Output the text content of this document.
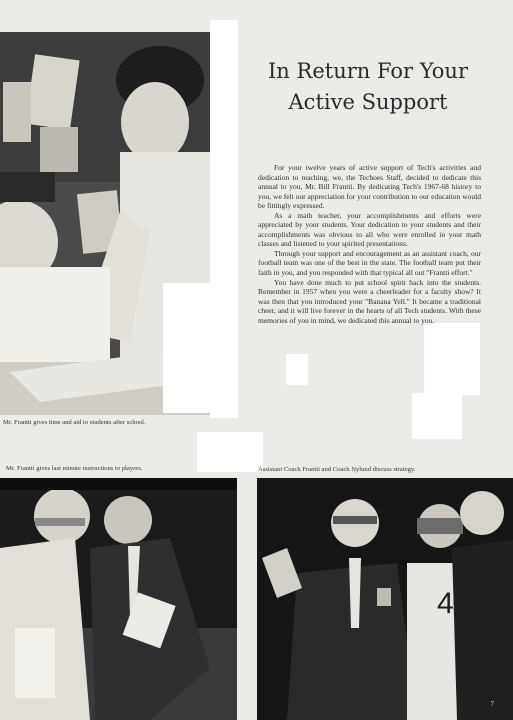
In Return For Your
Active Support

For your twelve years of active support of Tech's activities and dedication to teaching, we, the Techoes Staff, decided to dedicate this annual to you, Mr. Bill Frantti. By dedicating Tech's 1967-68 history to you, we felt our appreciation for your contribution to our education would be fittingly expressed.

As a math teacher, your accomplishments and efforts were appreciated by your students. Your dedication to your students and their accomplishments was obvious to all who were enrolled in your math classes and listened to your spirited presentations.

Through your support and encouragement as an assistant coach, our football team was one of the best in the state. The football team put their faith in you, and you responded with that typical all out "Frantti effort."

You have done much to put school spirit back into the students. Remember in 1957 when you were a cheerleader for a faculty show? It was then that you introduced your "Banana Yell." It became a traditional cheer, and it will live forever in the hearts of all Tech students. With these memories of you in mind, we dedicated this annual to you.

Mr. Frantti gives time and aid to students after school.
Mr. Frantti gives last minute instructions to players.	Assistant Coach Frantti and Coach Nylund discuss strategy.
4
7
